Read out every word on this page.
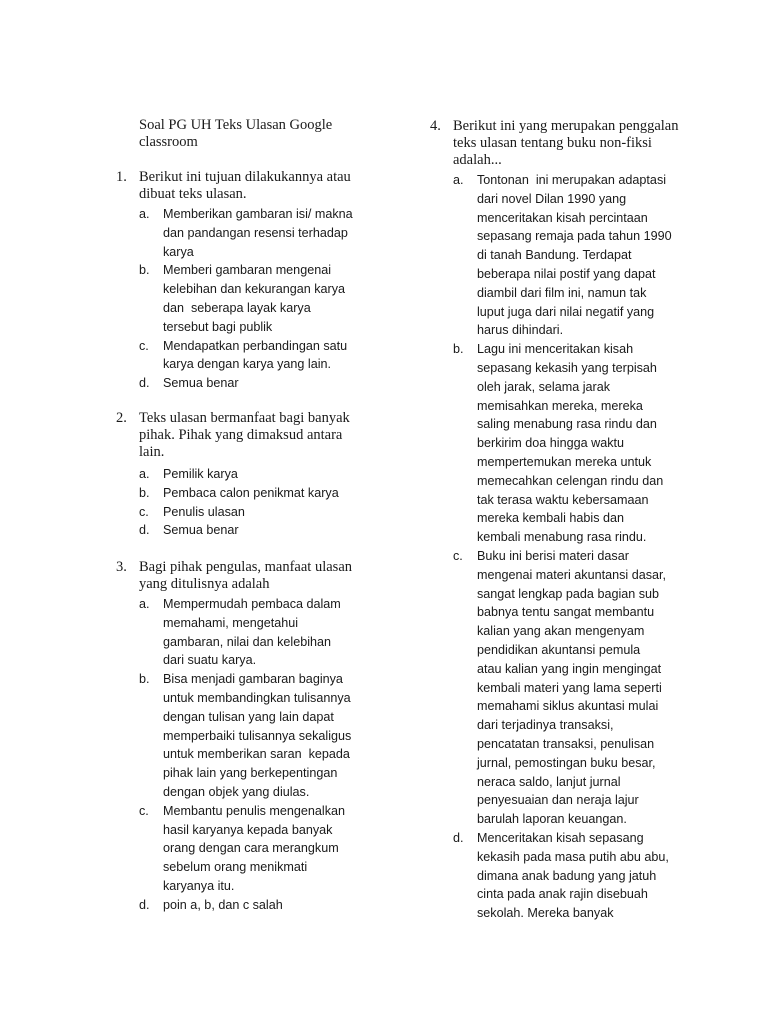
Soal PG UH Teks Ulasan Google
classroom
1. Berikut ini tujuan dilakukannya atau
dibuat teks ulasan.
a. Memberikan gambaran isi/ makna
dan pandangan resensi terhadap
karya
b. Memberi gambaran mengenai
kelebihan dan kekurangan karya
dan  seberapa layak karya
tersebut bagi publik
c. Mendapatkan perbandingan satu
karya dengan karya yang lain.
d. Semua benar
2. Teks ulasan bermanfaat bagi banyak
pihak. Pihak yang dimaksud antara
lain.
a. Pemilik karya
b. Pembaca calon penikmat karya
c. Penulis ulasan
d. Semua benar
3. Bagi pihak pengulas, manfaat ulasan
yang ditulisnya adalah
a. Mempermudah pembaca dalam
memahami, mengetahui
gambaran, nilai dan kelebihan
dari suatu karya.
b. Bisa menjadi gambaran baginya
untuk membandingkan tulisannya
dengan tulisan yang lain dapat
memperbaiki tulisannya sekaligus
untuk memberikan saran  kepada
pihak lain yang berkepentingan
dengan objek yang diulas.
c. Membantu penulis mengenalkan
hasil karyanya kepada banyak
orang dengan cara merangkum
sebelum orang menikmati
karyanya itu.
d. poin a, b, dan c salah
4. Berikut ini yang merupakan penggalan
teks ulasan tentang buku non-fiksi
adalah...
a. Tontonan  ini merupakan adaptasi
dari novel Dilan 1990 yang
menceritakan kisah percintaan
sepasang remaja pada tahun 1990
di tanah Bandung. Terdapat
beberapa nilai postif yang dapat
diambil dari film ini, namun tak
luput juga dari nilai negatif yang
harus dihindari.
b. Lagu ini menceritakan kisah
sepasang kekasih yang terpisah
oleh jarak, selama jarak
memisahkan mereka, mereka
saling menabung rasa rindu dan
berkirim doa hingga waktu
mempertemukan mereka untuk
memecahkan celengan rindu dan
tak terasa waktu kebersamaan
mereka kembali habis dan
kembali menabung rasa rindu.
c. Buku ini berisi materi dasar
mengenai materi akuntansi dasar,
sangat lengkap pada bagian sub
babnya tentu sangat membantu
kalian yang akan mengenyam
pendidikan akuntansi pemula
atau kalian yang ingin mengingat
kembali materi yang lama seperti
memahami siklus akuntasi mulai
dari terjadinya transaksi,
pencatatan transaksi, penulisan
jurnal, pemostingan buku besar,
neraca saldo, lanjut jurnal
penyesuaian dan neraja lajur
barulah laporan keuangan.
d. Menceritakan kisah sepasang
kekasih pada masa putih abu abu,
dimana anak badung yang jatuh
cinta pada anak rajin disebuah
sekolah. Mereka banyak
